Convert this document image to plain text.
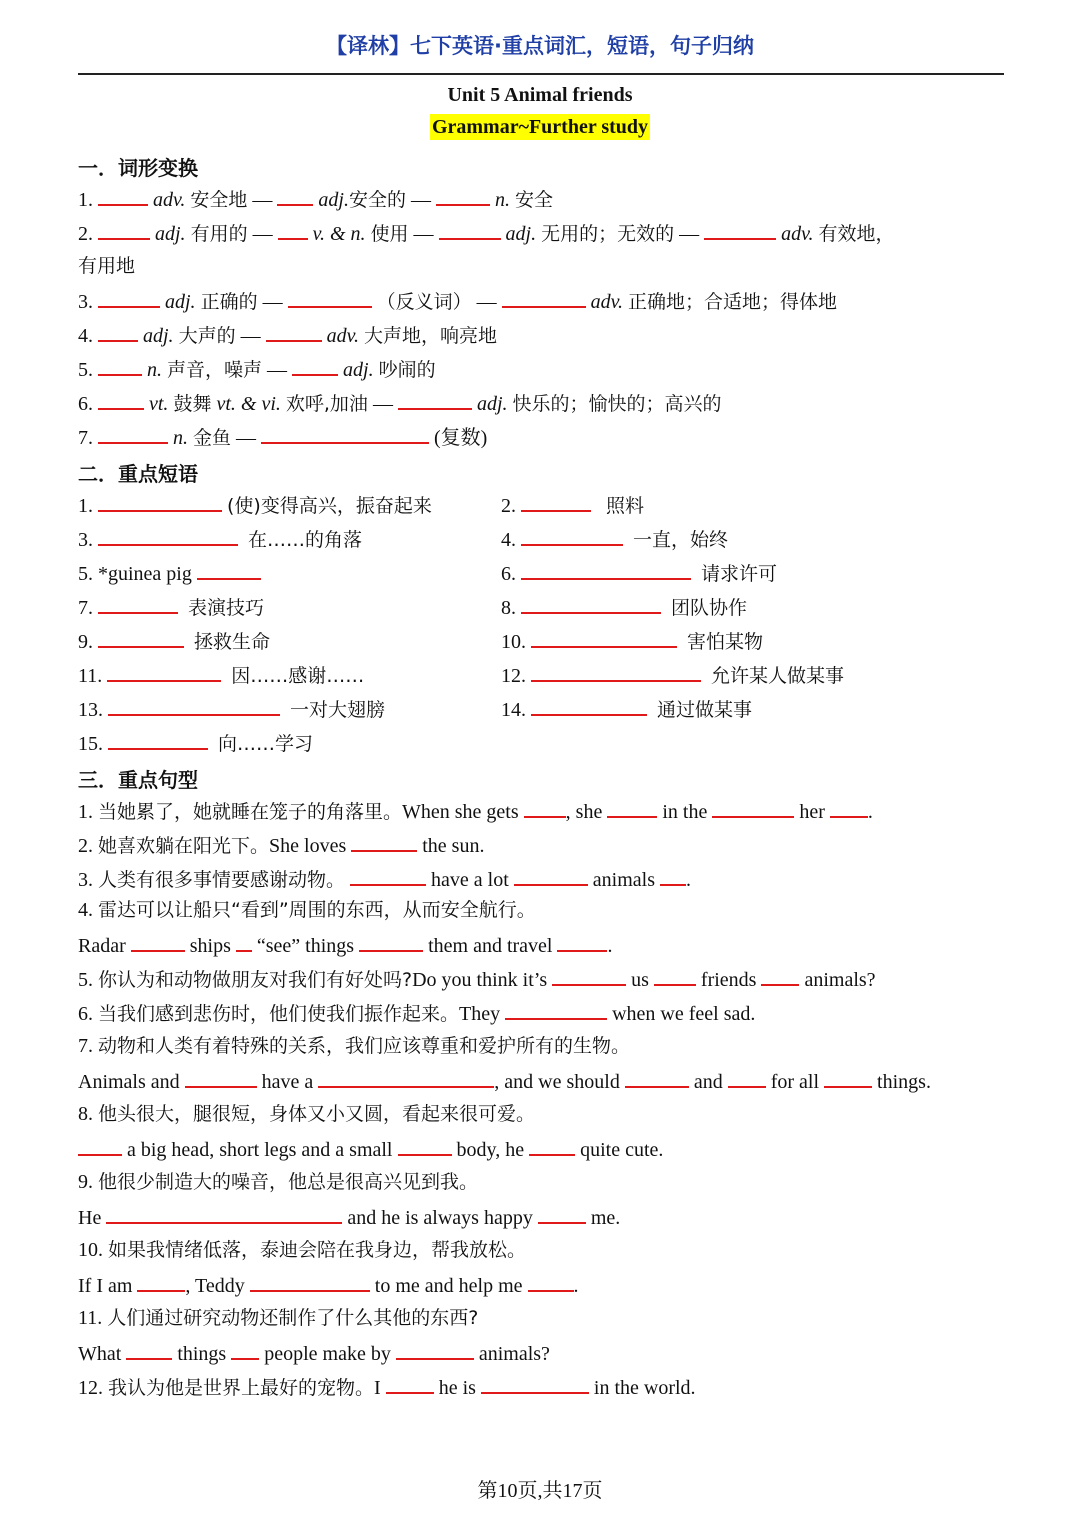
【译林】七下英语·重点词汇，短语，句子归纳
Unit 5 Animal friends
Grammar~Further study
一．词形变换
1.	adv. 安全地 — adj.安全的 —	n. 安全
2.	adj. 有用的 — v. & n. 使用 —	adj. 无用的；无效的 —	adv. 有效地，
有用地
3.	adj. 正确的 —	（反义词） —	adv. 正确地；合适地；得体地
4.	adj. 大声的 —	adv. 大声地，响亮地
5.	n. 声音，噪声 —	adj. 吵闹的
6.	vt. 鼓舞 vt. & vi. 欢呼,加油 —	adj. 快乐的；愉快的；高兴的
7.	n. 金鱼 —	(复数)
二．重点短语
1.	(使)变得高兴，振奋起来	2.	照料
3.	在……的角落	4.	一直，始终
5. *guinea pig	6.	请求许可
7.	表演技巧	8.	团队协作
9.	拯救生命	10.	害怕某物
11.	因……感谢……	12.	允许某人做某事
13.	一对大翅膀	14.	通过做某事
15.	向……学习
三．重点句型
1. 当她累了，她就睡在笼子的角落里。When she gets , she	in the	her .
2. 她喜欢躺在阳光下。She loves	the sun.
3. 人类有很多事情要感谢动物。	have a lot	animals .
4. 雷达可以让船只“看到”周围的东西，从而安全航行。
Radar	ships “see” things	them and travel	.
5. 你认为和动物做朋友对我们有好处吗?Do you think it’s	us	friends animals?
6. 当我们感到悲伤时，他们使我们振作起来。They	when we feel sad.
7. 动物和人类有着特殊的关系，我们应该尊重和爱护所有的生物。
Animals and	have a	, and we should	and for all	things.
8. 他头很大，腿很短，身体又小又圆，看起来很可爱。
a big head, short legs and a small	body, he	quite cute.
9. 他很少制造大的噪音，他总是很高兴见到我。
He	and he is always happy	me.
10. 如果我情绪低落，泰迪会陪在我身边，帮我放松。
If I am	, Teddy	to me and help me	.
11. 人们通过研究动物还制作了什么其他的东西?
What	things people make by	animals?
12. 我认为他是世界上最好的宠物。I	he is	in the world.
第10页,共17页
